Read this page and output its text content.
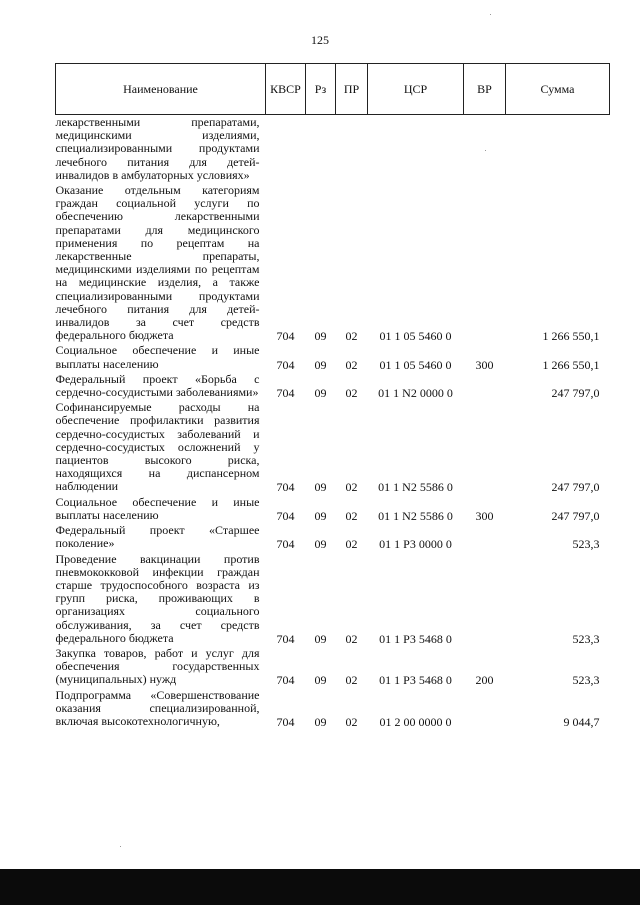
125
Наименование	КВСР	Рз	ПР	ЦСР	ВР	Сумма
лекарственными препаратами, медицинскими изделиями, специализированными продуктами лечебного питания для детей-инвалидов в амбулаторных условиях»						
Оказание отдельным категориям граждан социальной услуги по обеспечению лекарственными препаратами для медицинского применения по рецептам на лекарственные препараты, медицинскими изделиями по рецептам на медицинские изделия, а также специализированными продуктами лечебного питания для детей-инвалидов за счет средств федерального бюджета	704	09	02	01 1 05 5460 0		1 266 550,1
Социальное обеспечение и иные выплаты населению	704	09	02	01 1 05 5460 0	300	1 266 550,1
Федеральный проект «Борьба с сердечно-сосудистыми заболеваниями»	704	09	02	01 1 N2 0000 0		247 797,0
Софинансируемые расходы на обеспечение профилактики развития сердечно-сосудистых заболеваний и сердечно-сосудистых осложнений у пациентов высокого риска, находящихся на диспансерном наблюдении	704	09	02	01 1 N2 5586 0		247 797,0
Социальное обеспечение и иные выплаты населению	704	09	02	01 1 N2 5586 0	300	247 797,0
Федеральный проект «Старшее поколение»	704	09	02	01 1 P3 0000 0		523,3
Проведение вакцинации против пневмококковой инфекции граждан старше трудоспособного возраста из групп риска, проживающих в организациях социального обслуживания, за счет средств федерального бюджета	704	09	02	01 1 P3 5468 0		523,3
Закупка товаров, работ и услуг для обеспечения государственных (муниципальных) нужд	704	09	02	01 1 P3 5468 0	200	523,3
Подпрограмма «Совершенствование оказания специализированной, включая высокотехнологичную,	704	09	02	01 2 00 0000 0		9 044,7
